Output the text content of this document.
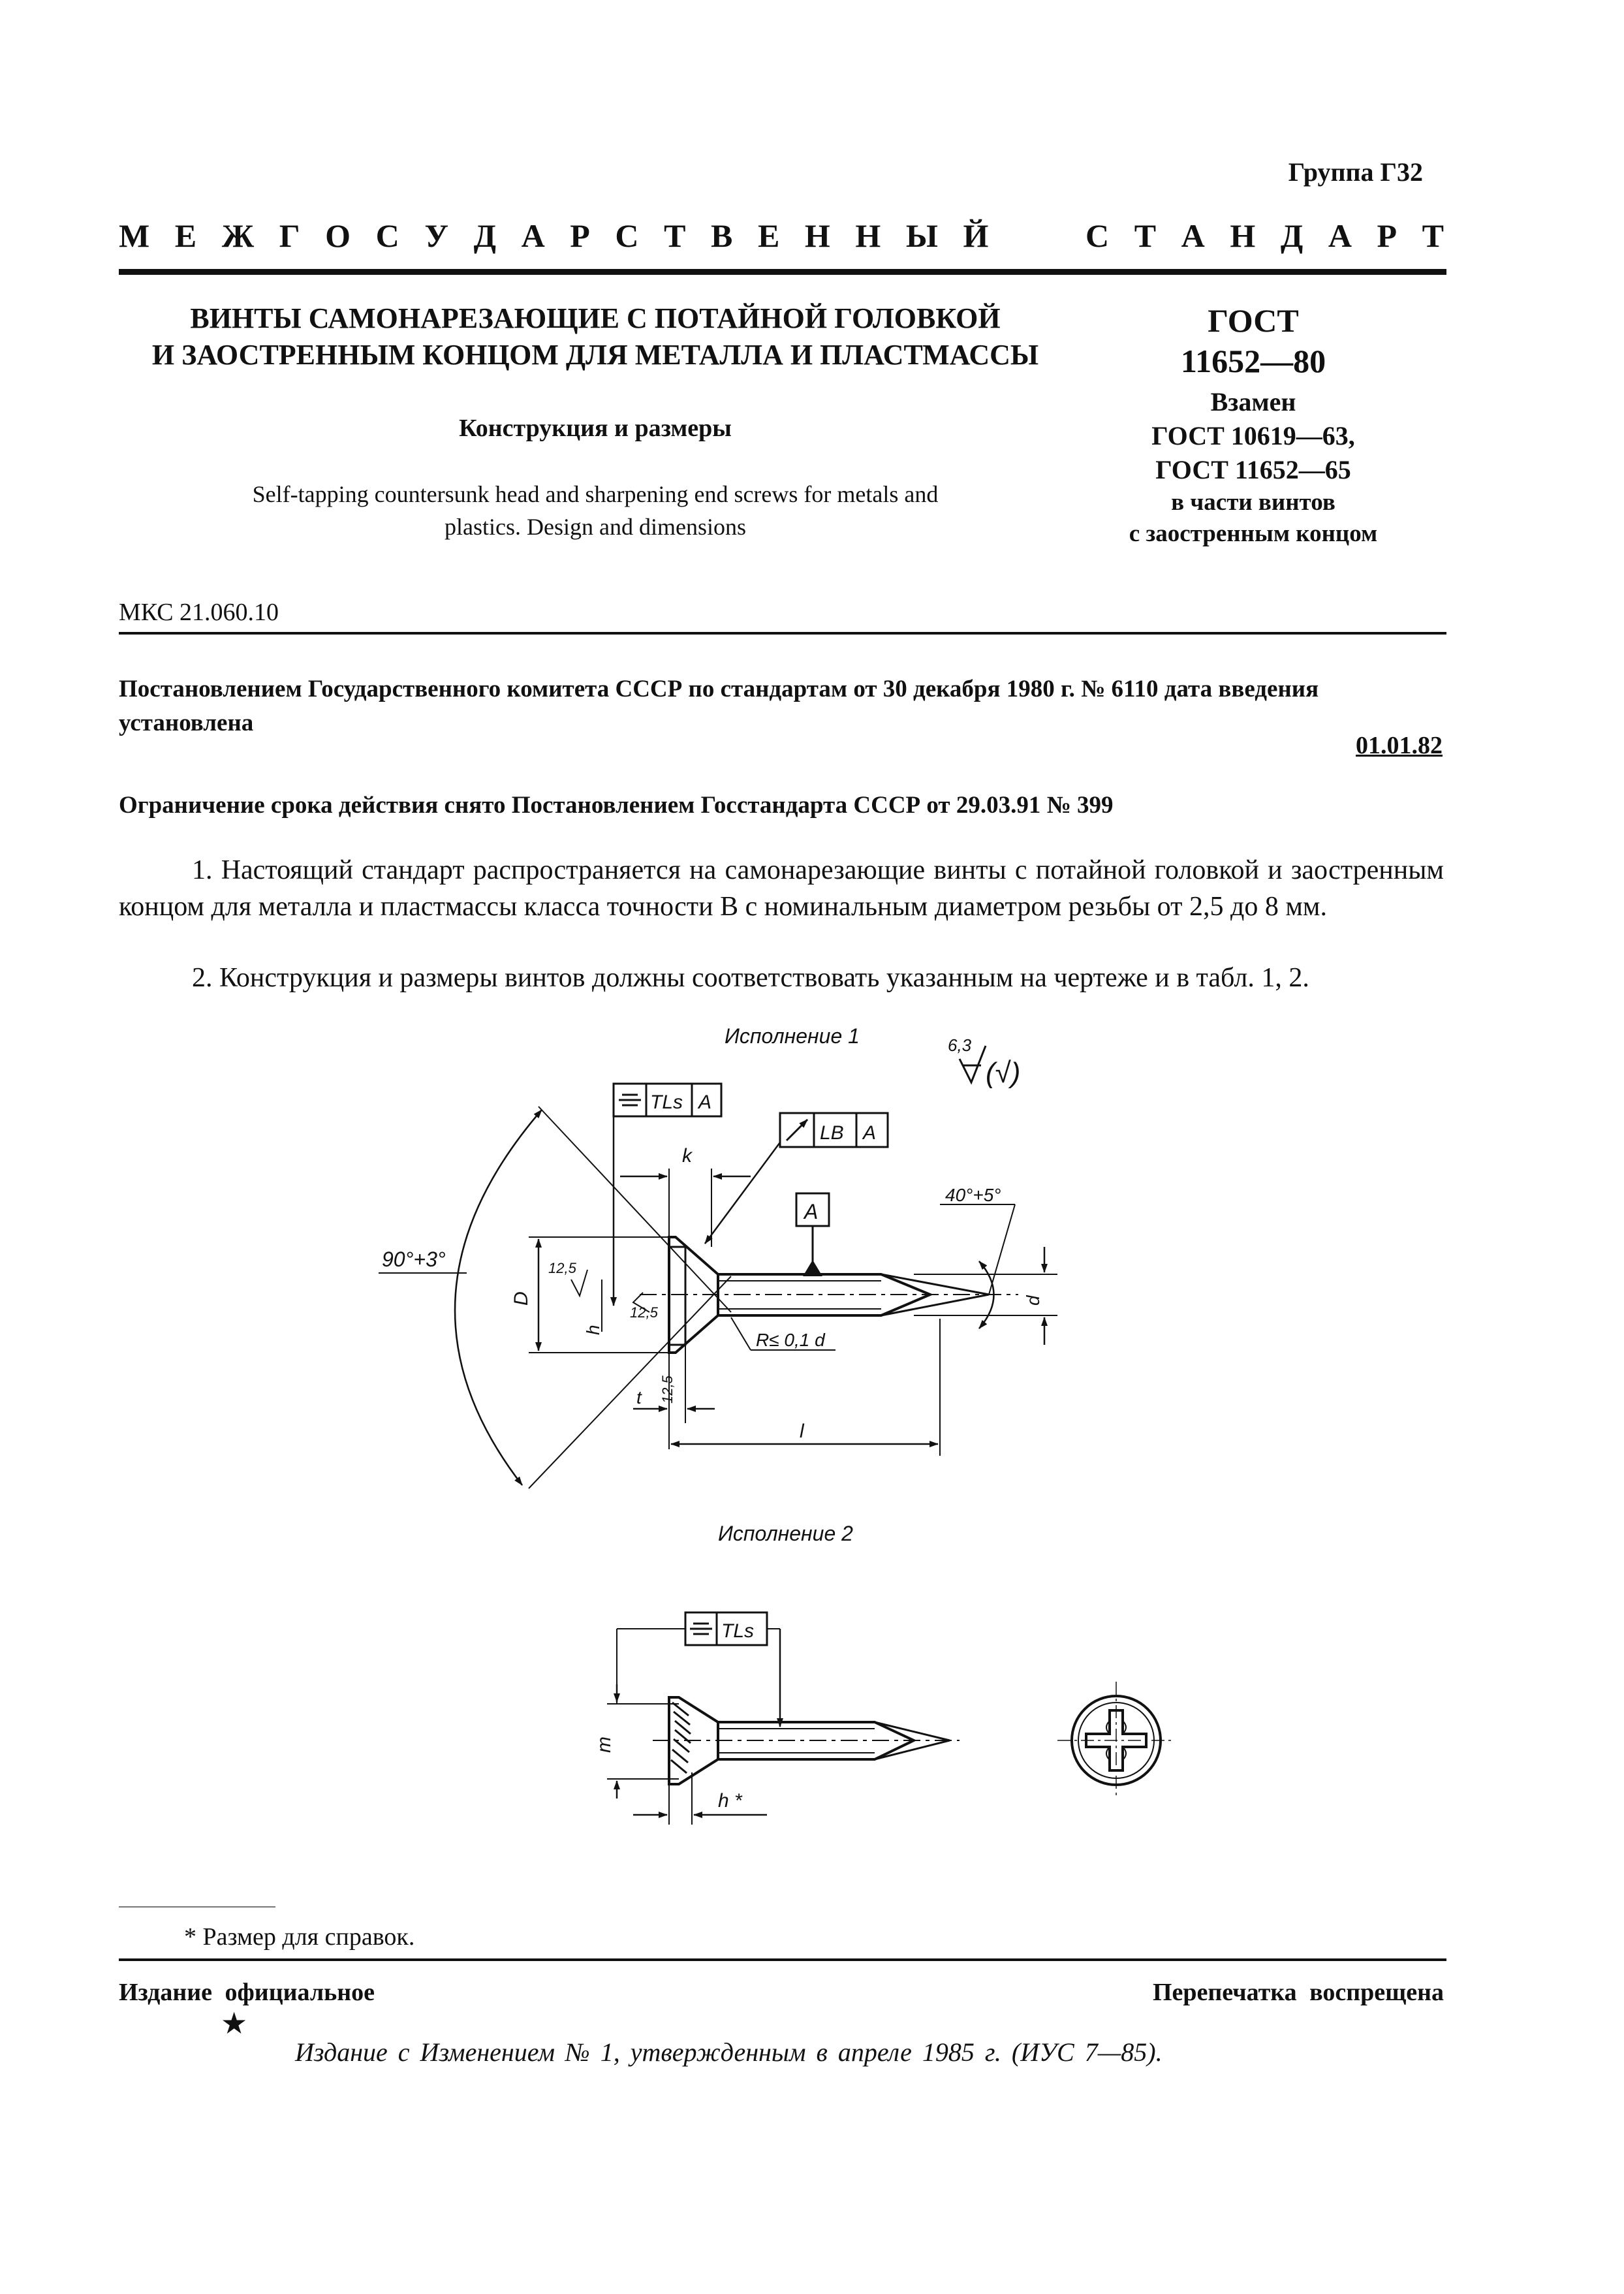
Группа Г32
М Е Ж Г О С У Д А Р С Т В Е Н Н Ы Й	С Т А Н Д А Р Т
ВИНТЫ САМОНАРЕЗАЮЩИЕ С ПОТАЙНОЙ ГОЛОВКОЙ
И ЗАОСТРЕННЫМ КОНЦОМ ДЛЯ МЕТАЛЛА И ПЛАСТМАССЫ
Конструкция и размеры
Self-tapping countersunk head and sharpening end screws for metals and
plastics. Design and dimensions
ГОСТ
11652—80
Взамен
ГОСТ 10619—63,
ГОСТ 11652—65
в части винтов
с заостренным концом
МКС 21.060.10
Постановлением Государственного комитета СССР по стандартам от 30 декабря 1980 г. № 6110 дата введения установлена
01.01.82
Ограничение срока действия снято Постановлением Госстандарта СССР от 29.03.91 № 399
1. Настоящий стандарт распространяется на самонарезающие винты с потайной головкой и заостренным концом для металла и пластмассы класса точности В с номинальным диаметром резьбы от 2,5 до 8 мм.
2. Конструкция и размеры винтов должны соответствовать указанным на чертеже и в табл. 1, 2.
Исполнение 1	6,3
(√)
TLs A
LB A
A
k
90°+3°
D
h
12,5
12,5
t 12,5
l
R≤ 0,1 d
40°+5°
d
Исполнение 2
TLs
m
h *
* Размер для справок.
Издание официальное	Перепечатка воспрещена
★
Издание с Изменением № 1, утвержденным в апреле 1985 г. (ИУС 7—85).
